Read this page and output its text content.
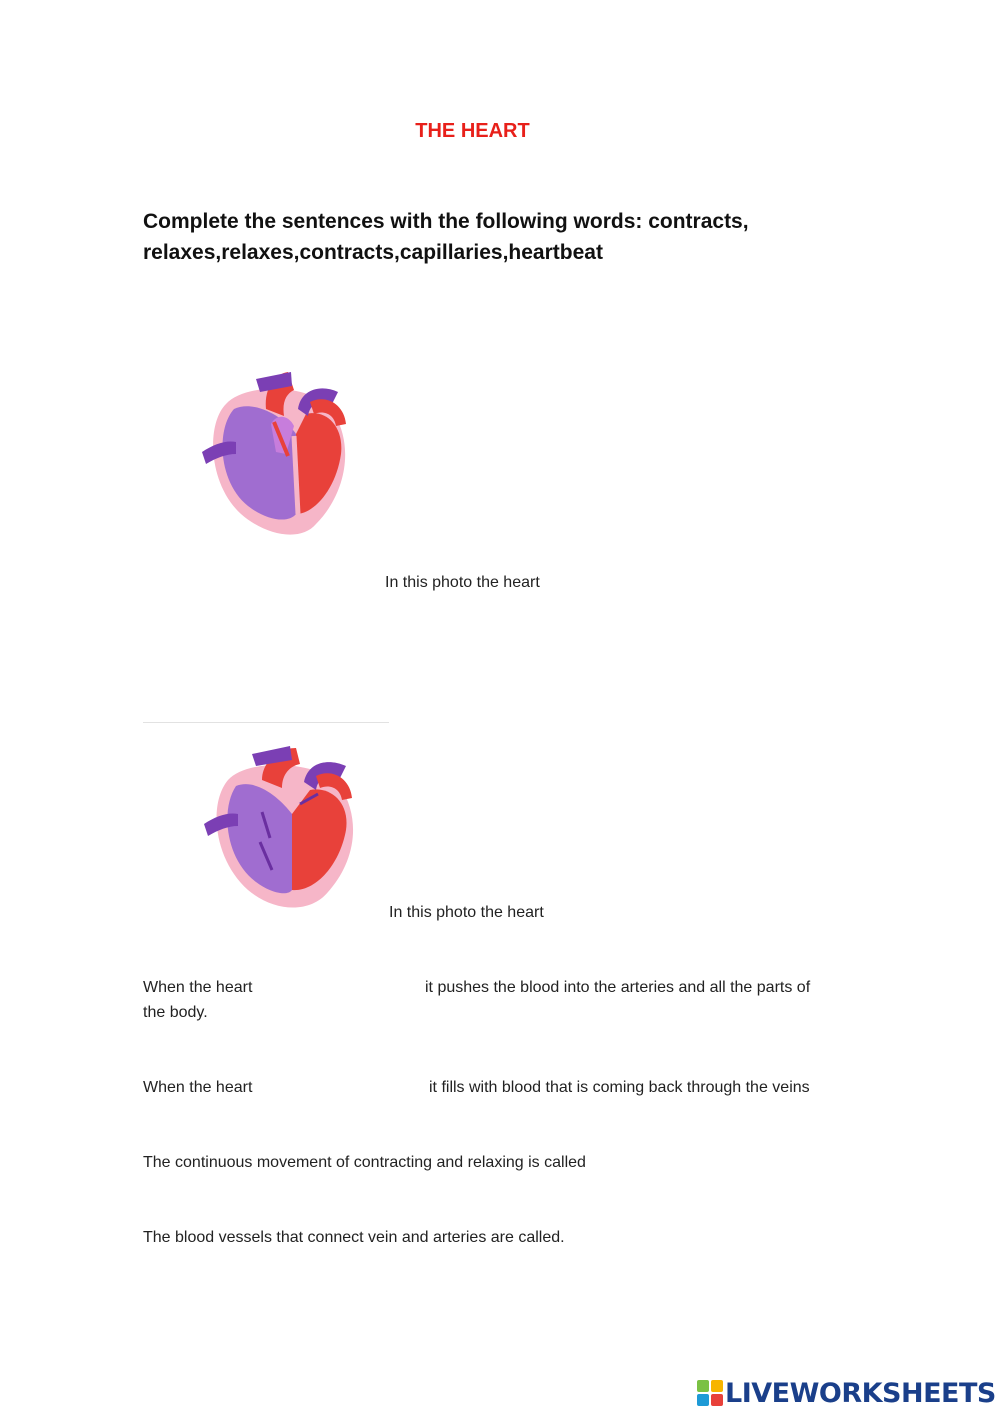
THE HEART
Complete the sentences with the following words: contracts,
relaxes,relaxes,contracts,capillaries,heartbeat
In this photo the heart
In this photo the heart
When the heart	it pushes the blood into the arteries and all the parts of
the body.
When the heart	it fills with blood that is coming back through the veins
The continuous movement of contracting and relaxing is called
The blood vessels that connect vein and arteries are called.
LIVEWORKSHEETS
